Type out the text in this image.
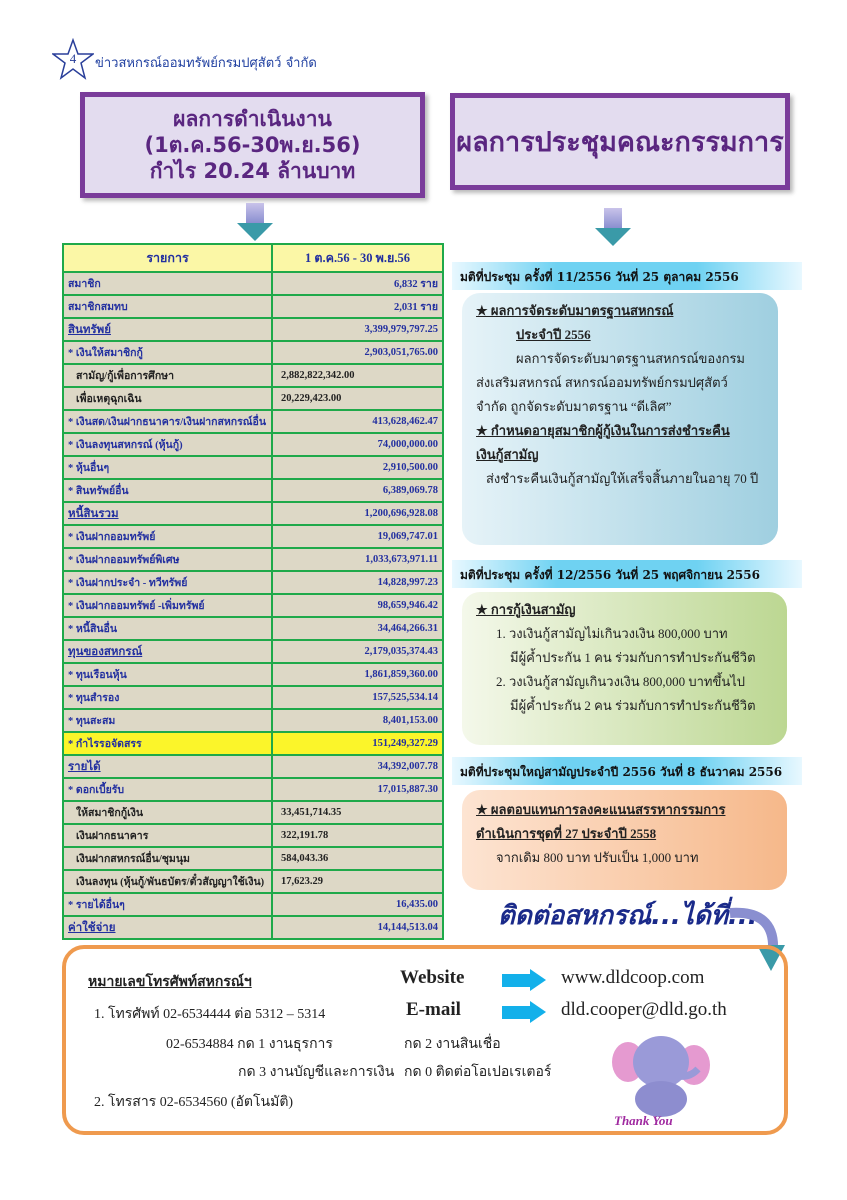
4	ข่าวสหกรณ์ออมทรัพย์กรมปศุสัตว์ จำกัด
ผลการดำเนินงาน
(1ต.ค.56-30พ.ย.56)
กำไร 20.24 ล้านบาท
ผลการประชุมคณะกรรมการ
รายการ	1 ต.ค.56 - 30 พ.ย.56
สมาชิก	6,832 ราย
สมาชิกสมทบ	2,031 ราย
สินทรัพย์	3,399,979,797.25
* เงินให้สมาชิกกู้	2,903,051,765.00
สามัญ/กู้เพื่อการศึกษา	2,882,822,342.00
เพื่อเหตุฉุกเฉิน	20,229,423.00
* เงินสด/เงินฝากธนาคาร/เงินฝากสหกรณ์อื่น	413,628,462.47
* เงินลงทุนสหกรณ์ (หุ้นกู้)	74,000,000.00
* หุ้นอื่นๆ	2,910,500.00
* สินทรัพย์อื่น	6,389,069.78
หนี้สินรวม	1,200,696,928.08
* เงินฝากออมทรัพย์	19,069,747.01
* เงินฝากออมทรัพย์พิเศษ	1,033,673,971.11
* เงินฝากประจำ - ทวีทรัพย์	14,828,997.23
* เงินฝากออมทรัพย์ -เพิ่มทรัพย์	98,659,946.42
* หนี้สินอื่น	34,464,266.31
ทุนของสหกรณ์	2,179,035,374.43
* ทุนเรือนหุ้น	1,861,859,360.00
* ทุนสำรอง	157,525,534.14
* ทุนสะสม	8,401,153.00
* กำไรรอจัดสรร	151,249,327.29
รายได้	34,392,007.78
* ดอกเบี้ยรับ	17,015,887.30
ให้สมาชิกกู้เงิน	33,451,714.35
เงินฝากธนาคาร	322,191.78
เงินฝากสหกรณ์อื่น/ชุมนุม	584,043.36
เงินลงทุน (หุ้นกู้/พันธบัตร/ตั๋วสัญญาใช้เงิน)	17,623.29
* รายได้อื่นๆ	16,435.00
ค่าใช้จ่าย	14,144,513.04
มติที่ประชุม ครั้งที่ 11/2556 วันที่ 25 ตุลาคม 2556
★ ผลการจัดระดับมาตรฐานสหกรณ์
ประจำปี 2556
ผลการจัดระดับมาตรฐานสหกรณ์ของกรม
ส่งเสริมสหกรณ์ สหกรณ์ออมทรัพย์กรมปศุสัตว์
จำกัด ถูกจัดระดับมาตรฐาน “ดีเลิศ”
★ กำหนดอายุสมาชิกผู้กู้เงินในการส่งชำระคืน
เงินกู้สามัญ
ส่งชำระคืนเงินกู้สามัญให้เสร็จสิ้นภายในอายุ 70 ปี
มติที่ประชุม ครั้งที่ 12/2556 วันที่ 25 พฤศจิกายน 2556
★ การกู้เงินสามัญ
1. วงเงินกู้สามัญไม่เกินวงเงิน 800,000 บาท
มีผู้ค้ำประกัน 1 คน ร่วมกับการทำประกันชีวิต
2. วงเงินกู้สามัญเกินวงเงิน 800,000 บาทขึ้นไป
มีผู้ค้ำประกัน 2 คน ร่วมกับการทำประกันชีวิต
มติที่ประชุมใหญ่สามัญประจำปี 2556 วันที่ 8 ธันวาคม 2556
★ ผลตอบแทนการลงคะแนนสรรหากรรมการ
ดำเนินการชุดที่ 27 ประจำปี 2558
จากเดิม 800 บาท ปรับเป็น 1,000 บาท
ติดต่อสหกรณ์...ได้ที่...
หมายเลขโทรศัพท์สหกรณ์ฯ
1. โทรศัพท์ 02-6534444 ต่อ 5312 – 5314
02-6534884 กด 1 งานธุรการ	กด 2 งานสินเชื่อ
กด 3 งานบัญชีและการเงิน กด 0 ติดต่อโอเปอเรเตอร์
2. โทรสาร 02-6534560 (อัตโนมัติ)
Website
E-mail
www.dldcoop.com
dld.cooper@dld.go.th
Thank You
